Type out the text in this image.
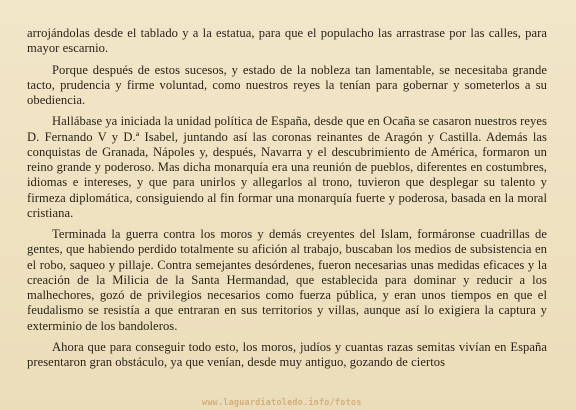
arrojándolas desde el tablado y a la estatua, para que el populacho las arrastrase por las calles, para mayor escarnio.

Porque después de estos sucesos, y estado de la nobleza tan lamentable, se necesitaba grande tacto, prudencia y firme voluntad, como nuestros reyes la tenían para gobernar y someterlos a su obediencia.

Hallábase ya iniciada la unidad política de España, desde que en Ocaña se casaron nuestros reyes D. Fernando V y D.ª Isabel, juntando así las coronas reinantes de Aragón y Castilla. Además las conquistas de Granada, Nápoles y, después, Navarra y el descubrimiento de América, formaron un reino grande y poderoso. Mas dicha monarquía era una reunión de pueblos, diferentes en costumbres, idiomas e intereses, y que para unirlos y allegarlos al trono, tuvieron que desplegar su talento y firmeza diplomática, consiguiendo al fin formar una monarquía fuerte y poderosa, basada en la moral cristiana.

Terminada la guerra contra los moros y demás creyentes del Islam, formáronse cuadrillas de gentes, que habiendo perdido totalmente su afición al trabajo, buscaban los medios de subsistencia en el robo, saqueo y pillaje. Contra semejantes desórdenes, fueron necesarias unas medidas eficaces y la creación de la Milicia de la Santa Hermandad, que establecida para dominar y reducir a los malhechores, gozó de privilegios necesarios como fuerza pública, y eran unos tiempos en que el feudalismo se resistía a que entraran en sus territorios y villas, aunque así lo exigiera la captura y exterminio de los bandoleros.

Ahora que para conseguir todo esto, los moros, judíos y cuantas razas semitas vivían en España presentaron gran obstáculo, ya que venían, desde muy antiguo, gozando de ciertos

www.laguardiatoledo.info/fotos
